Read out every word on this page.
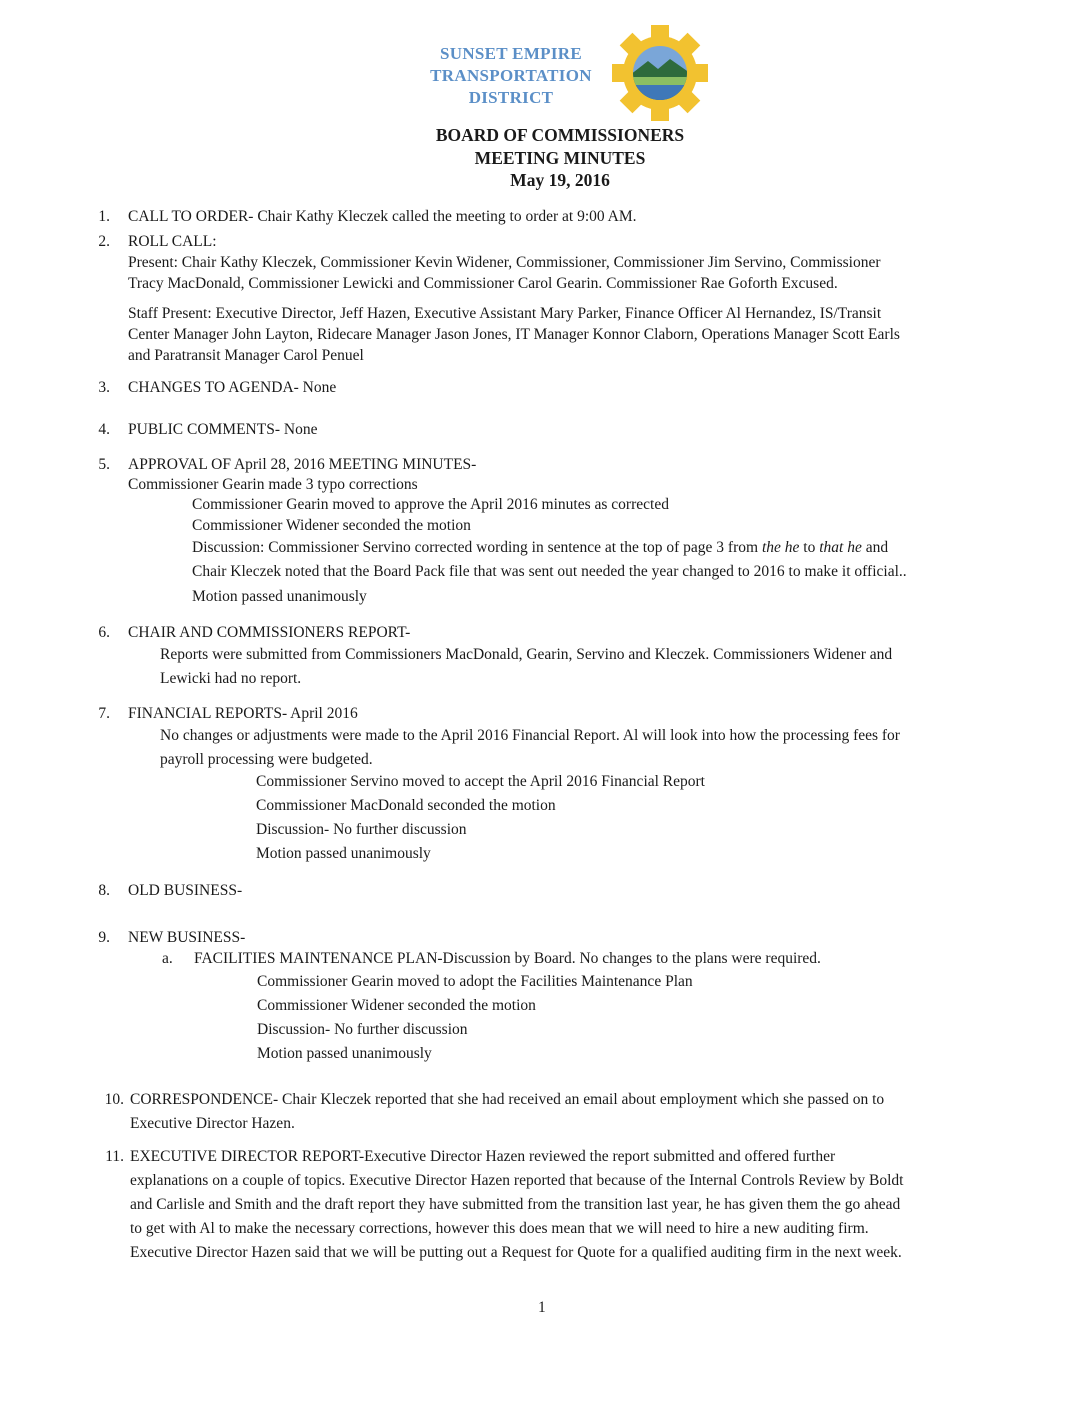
SUNSET EMPIRE
TRANSPORTATION
DISTRICT
BOARD OF COMMISSIONERS
MEETING MINUTES
May 19, 2016
1. CALL TO ORDER- Chair Kathy Kleczek called the meeting to order at 9:00 AM.
2. ROLL CALL:
Present: Chair Kathy Kleczek, Commissioner Kevin Widener, Commissioner, Commissioner Jim Servino, Commissioner
Tracy MacDonald, Commissioner Lewicki and Commissioner Carol Gearin. Commissioner Rae Goforth Excused.
Staff Present: Executive Director, Jeff Hazen, Executive Assistant Mary Parker, Finance Officer Al Hernandez, IS/Transit
Center Manager John Layton, Ridecare Manager Jason Jones, IT Manager Konnor Claborn, Operations Manager Scott Earls
and Paratransit Manager Carol Penuel
3. CHANGES TO AGENDA- None
4. PUBLIC COMMENTS- None
5. APPROVAL OF April 28, 2016 MEETING MINUTES-
Commissioner Gearin made 3 typo corrections
Commissioner Gearin moved to approve the April 2016 minutes as corrected
Commissioner Widener seconded the motion
Discussion: Commissioner Servino corrected wording in sentence at the top of page 3 from the he to that he and
Chair Kleczek noted that the Board Pack file that was sent out needed the year changed to 2016 to make it official..
Motion passed unanimously
6. CHAIR AND COMMISSIONERS REPORT-
Reports were submitted from Commissioners MacDonald, Gearin, Servino and Kleczek. Commissioners Widener and
Lewicki had no report.
7. FINANCIAL REPORTS- April 2016
No changes or adjustments were made to the April 2016 Financial Report. Al will look into how the processing fees for
payroll processing were budgeted.
Commissioner Servino moved to accept the April 2016 Financial Report
Commissioner MacDonald seconded the motion
Discussion- No further discussion
Motion passed unanimously
8. OLD BUSINESS-
9. NEW BUSINESS-
a. FACILITIES MAINTENANCE PLAN-Discussion by Board. No changes to the plans were required.
Commissioner Gearin moved to adopt the Facilities Maintenance Plan
Commissioner Widener seconded the motion
Discussion- No further discussion
Motion passed unanimously
10. CORRESPONDENCE- Chair Kleczek reported that she had received an email about employment which she passed on to
Executive Director Hazen.
11. EXECUTIVE DIRECTOR REPORT-Executive Director Hazen reviewed the report submitted and offered further
explanations on a couple of topics. Executive Director Hazen reported that because of the Internal Controls Review by Boldt
and Carlisle and Smith and the draft report they have submitted from the transition last year, he has given them the go ahead
to get with Al to make the necessary corrections, however this does mean that we will need to hire a new auditing firm.
Executive Director Hazen said that we will be putting out a Request for Quote for a qualified auditing firm in the next week.
1
